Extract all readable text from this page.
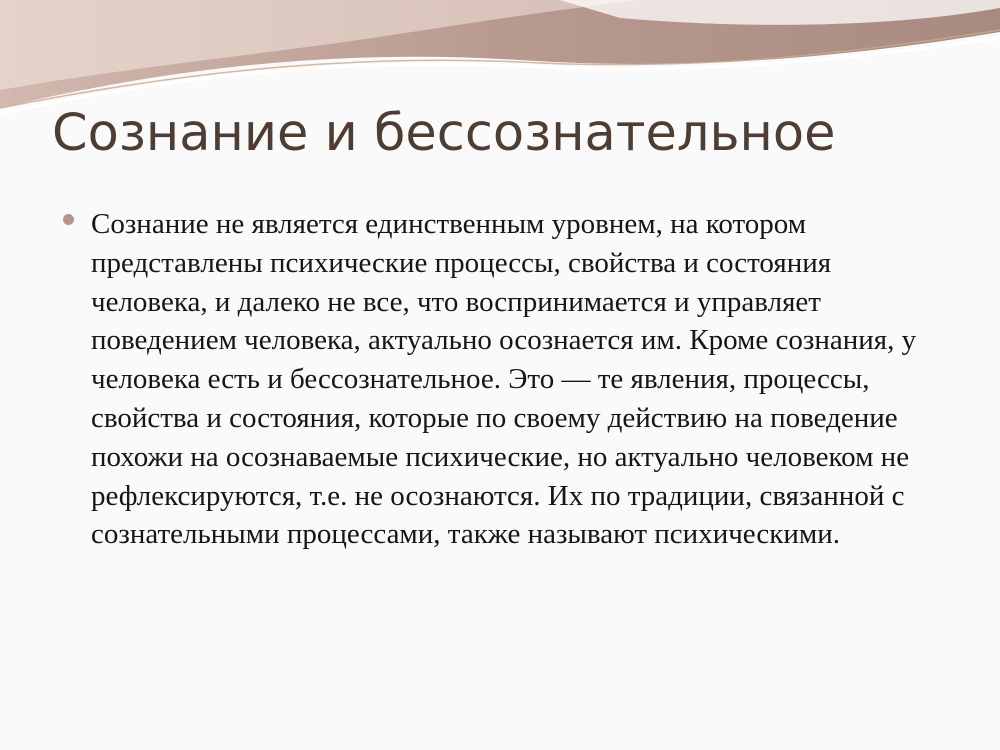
Сознание и бессознательное

Сознание не является единственным уровнем, на котором представлены психические процессы, свойства и состояния человека, и далеко не все, что воспринимается и управляет поведением человека, актуально осознается им. Кроме сознания, у человека есть и бессознательное. Это — те явления, процессы, свойства и состояния, которые по своему действию на поведение похожи на осознаваемые психические, но актуально человеком не рефлексируются, т.е. не осознаются. Их по традиции, связанной с сознательными процессами, также называют психическими.
